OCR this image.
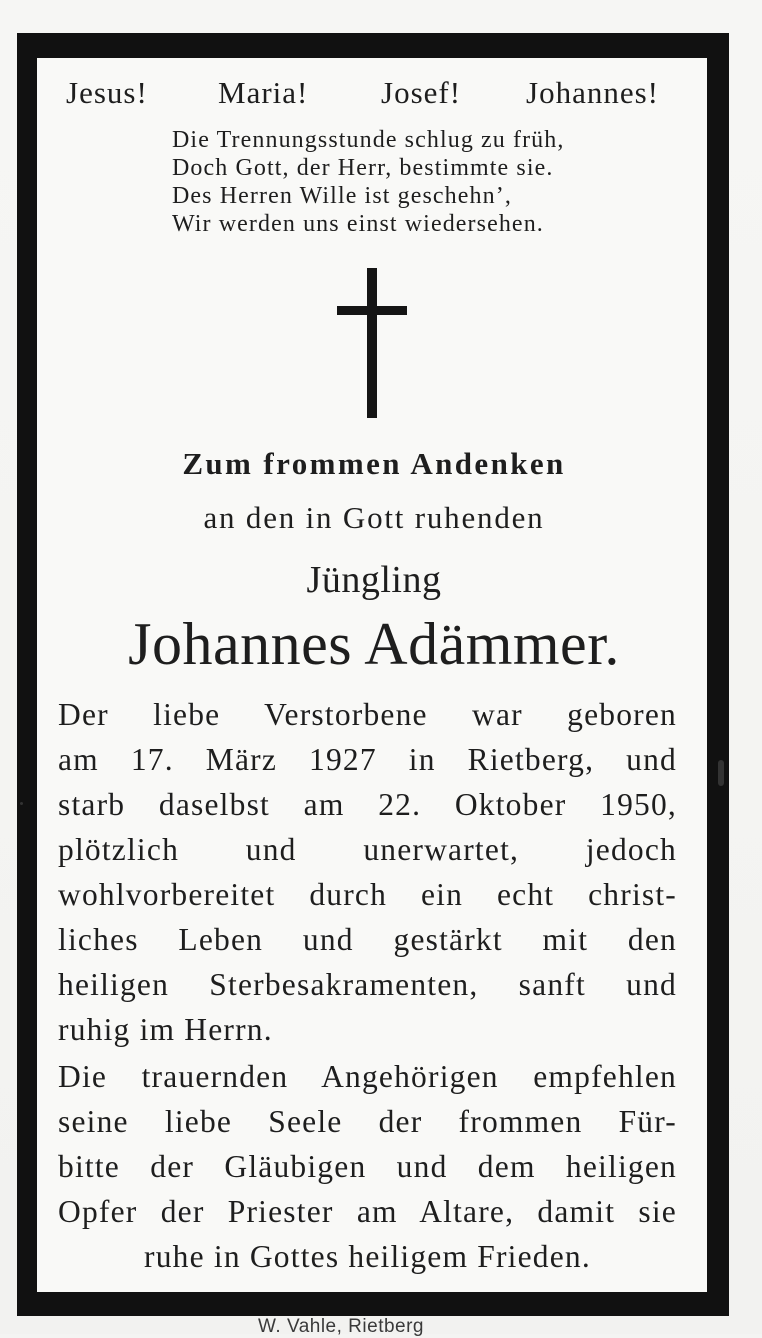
Jesus! Maria! Josef! Johannes!
Die Trennungsstunde schlug zu früh,
Doch Gott, der Herr, bestimmte sie.
Des Herren Wille ist geschehn’,
Wir werden uns einst wiedersehen.
Zum frommen Andenken
an den in Gott ruhenden
Jüngling
Johannes Adämmer.
Der liebe Verstorbene war geboren
am 17. März 1927 in Rietberg, und
starb daselbst am 22. Oktober 1950,
plötzlich und unerwartet, jedoch
wohlvorbereitet durch ein echt christ-
liches Leben und gestärkt mit den
heiligen Sterbesakramenten, sanft und
ruhig im Herrn.
Die trauernden Angehörigen empfehlen
seine liebe Seele der frommen Für-
bitte der Gläubigen und dem heiligen
Opfer der Priester am Altare, damit sie
ruhe in Gottes heiligem Frieden.
W. Vahle, Rietberg
